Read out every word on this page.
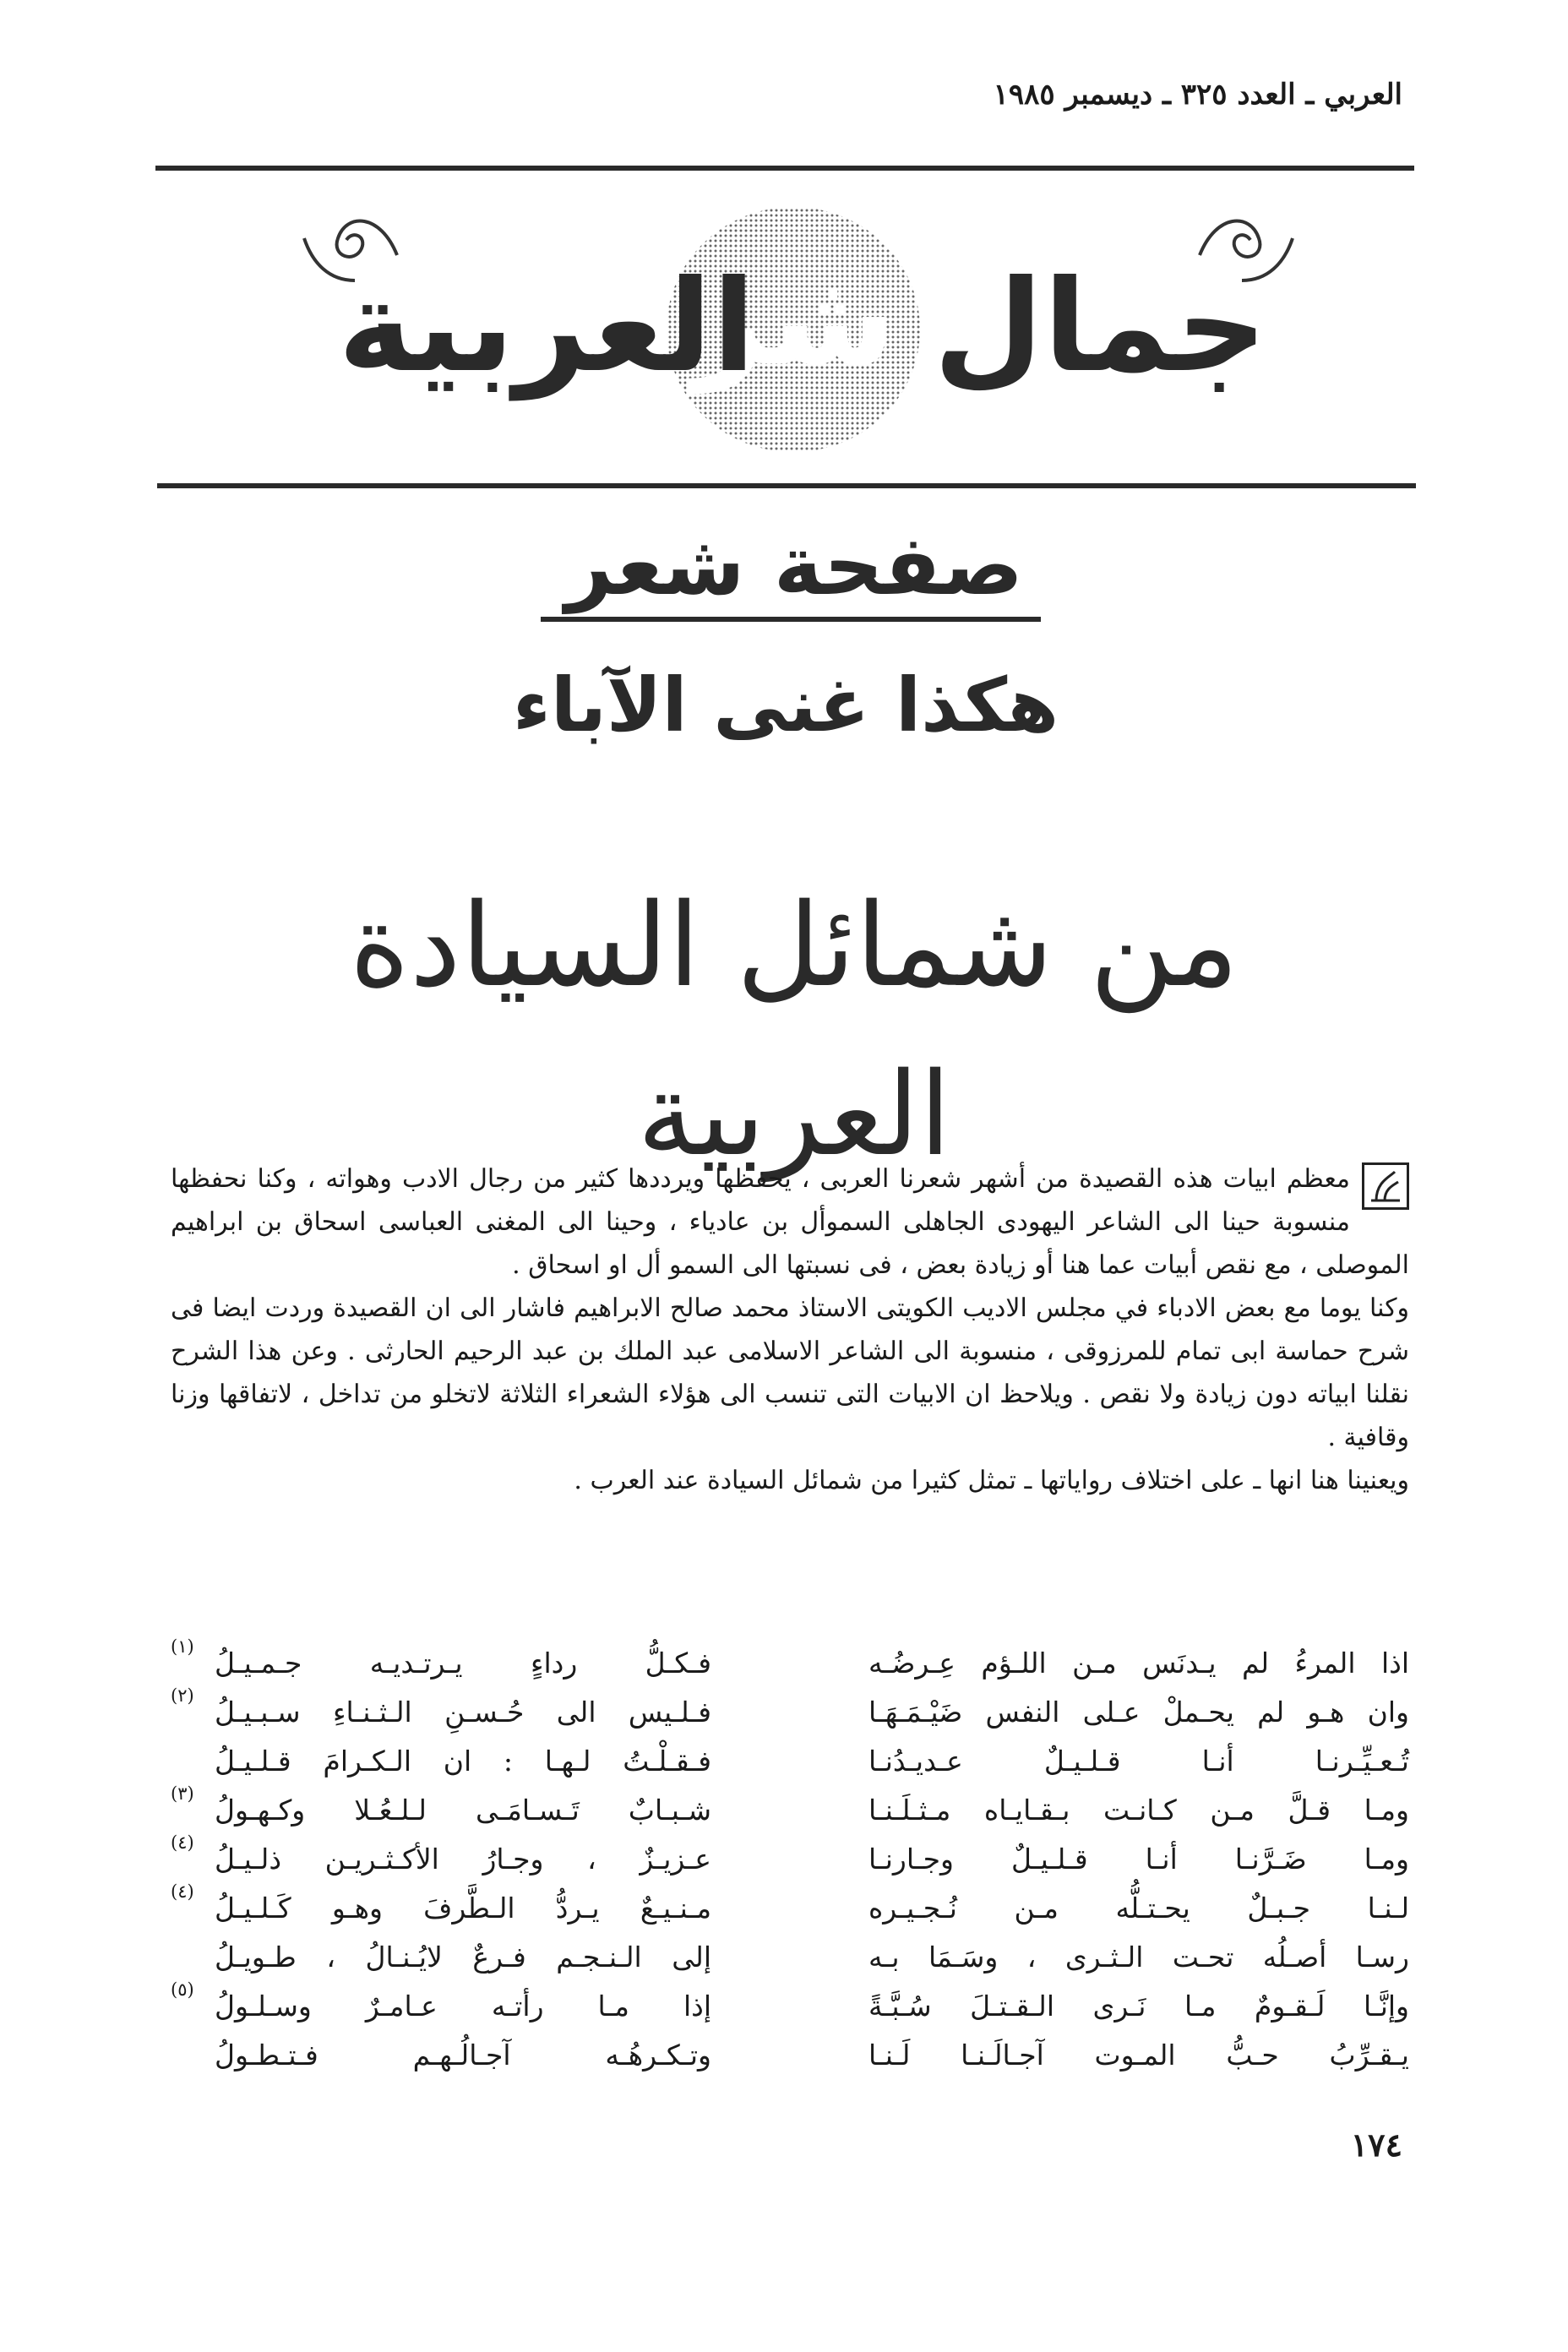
العربي ـ العدد ٣٢٥ ـ ديسمبر ١٩٨٥
جمال
شر
العربية
صفحة شعر
هكذا غنى الآباء
من شمائل السيادة العربية

معظم ابيات هذه القصيدة من أشهر شعرنا العربى ، يحفظها ويرددها كثير من رجال الادب وهواته ، وكنا نحفظها منسوبة حينا الى الشاعر اليهودى الجاهلى السموأل بن عادياء ، وحينا الى المغنى العباسى اسحاق بن ابراهيم الموصلى ، مع نقص أبيات عما هنا أو زيادة بعض ، فى نسبتها الى السمو أل او اسحاق .

وكنا يوما مع بعض الادباء في مجلس الاديب الكويتى الاستاذ محمد صالح الابراهيم فاشار الى ان القصيدة وردت ايضا فى شرح حماسة ابى تمام للمرزوقى ، منسوبة الى الشاعر الاسلامى عبد الملك بن عبد الرحيم الحارثى . وعن هذا الشرح نقلنا ابياته دون زيادة ولا نقص . ويلاحظ ان الابيات التى تنسب الى هؤلاء الشعراء الثلاثة لاتخلو من تداخل ، لاتفاقها وزنا وقافية .

ويعنينا هنا انها ـ على اختلاف رواياتها ـ تمثل كثيرا من شمائل السيادة عند العرب .

اذا المرءُ لم يـدنَس مـن اللـؤم عِـرضُـه
وان هـو لم يحـملْ عـلى النفس ضَيْـمَـهَـا
تُـعـيِّـرنـا أنـا قـلـيـلٌ عـديـدُنـا
ومـا قـلَّ مـن كـانـت بـقـايـاه مـثـلَـنـا
ومـا ضَـرَّنـا أنـا قـلـيـلٌ وجـارنـا
لـنـا جـبـلٌ يحـتـلُّه مـن نُـجـيـره
رسـا أصـلُه تحـت الـثـرى ، وسَـمَا بـه
وإنَّـا لَـقـومٌ مـا نَـرى الـقـتـلَ سُـبَّـةً
يـقـرِّبُ حـبُّ المـوت آجـالَـنـا لَـنـا
فـكـلُّ رداءٍ يـرتـديـه جـمـيـلُ
(١)
فـلـيس الى حُـسـنِ الـثـنـاءِ سـبـيـلُ
(٢)
فـقـلْـتُ لـهـا : ان الـكـرامَ قـلـيـلُ
شـبـابٌ تَـسـامَـى لـلـعُـلا وكـهـولُ
(٣)
عـزيـزٌ ، وجـارُ الأكـثـريـن ذلـيـلُ
(٤)
مـنـيـعٌ يـردُّ الـطَّرفَ وهـو كَـلـيـلُ
(٤)
إلى الـنـجـم فـرعٌ لايُـنـالُ ، طـويـلُ
إذا مـا رأتـه عـامـرٌ وسـلـولُ
(٥)
وتـكـرهُـه آجـالُـهـم فـتـطـولُ
١٧٤
